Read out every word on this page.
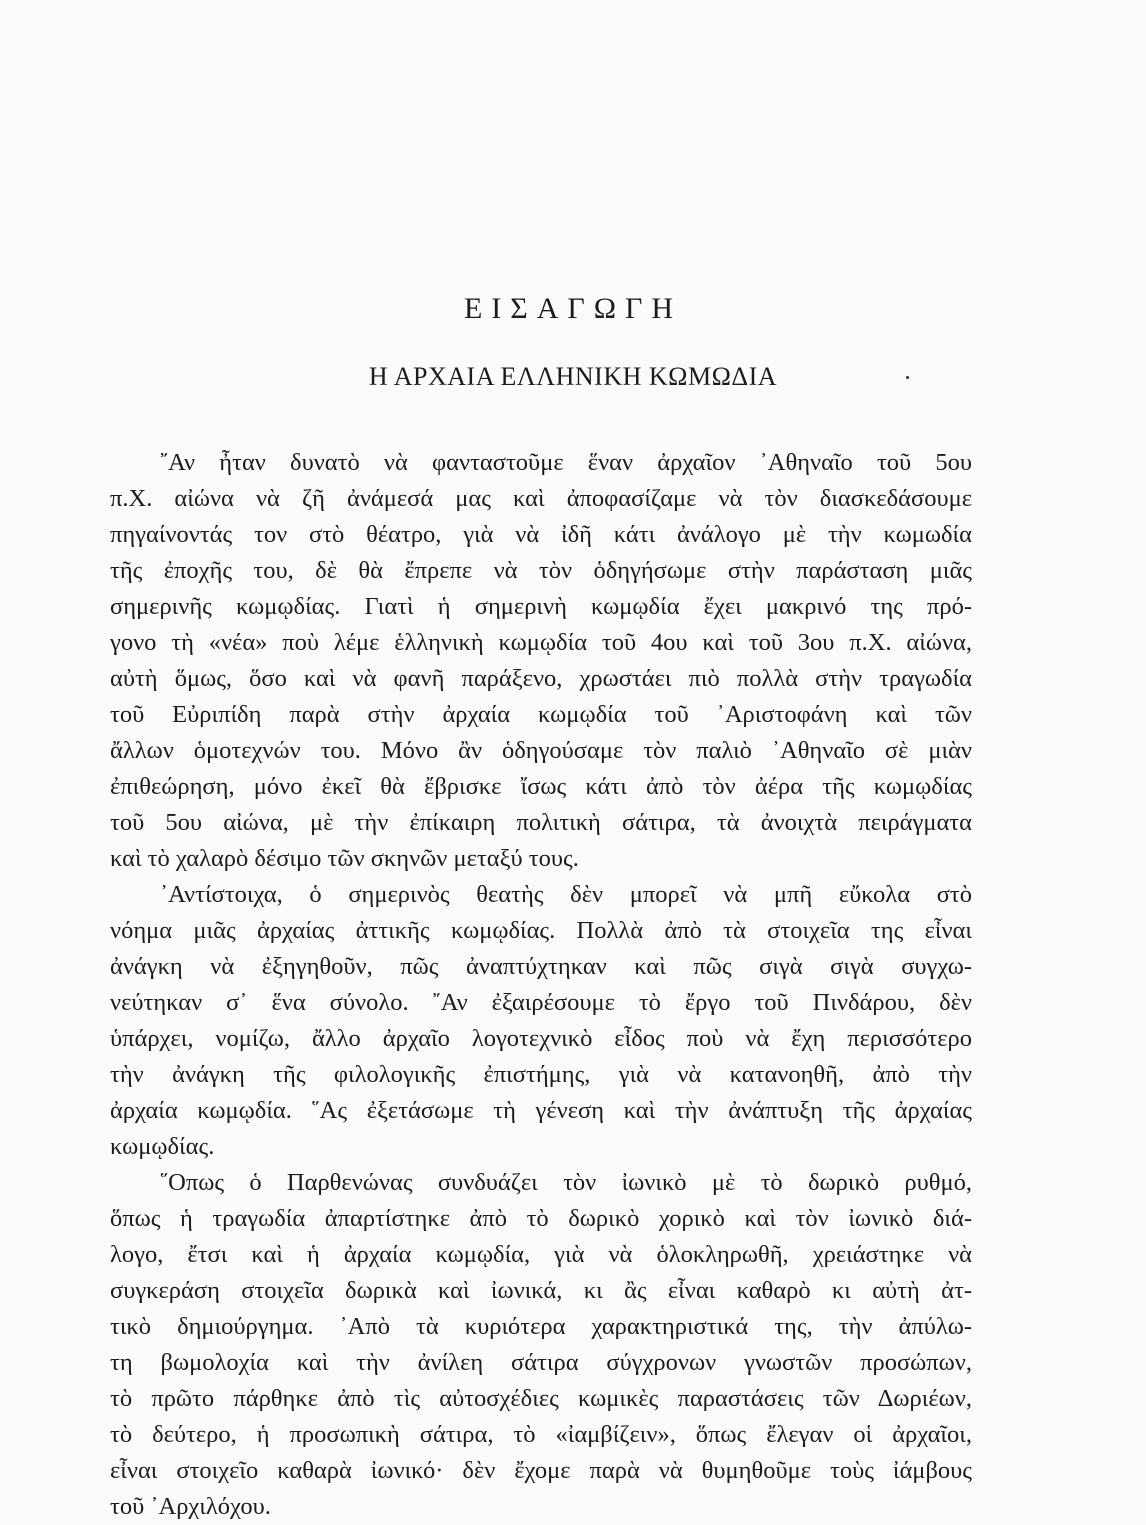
ΕΙΣΑΓΩΓΗ
Η ΑΡΧΑΙΑ ΕΛΛΗΝΙΚΗ ΚΩΜΩΔΙΑ
῎Αν ἦταν δυνατὸ νὰ φανταστοῦμε ἕναν ἀρχαῖον ᾿Αθηναῖο τοῦ 5ου
π.Χ. αἰώνα νὰ ζῆ ἀνάμεσά μας καὶ ἀποφασίζαμε νὰ τὸν διασκεδάσουμε
πηγαίνοντάς τον στὸ θέατρο, γιὰ νὰ ἰδῆ κάτι ἀνάλογο μὲ τὴν κωμωδία
τῆς ἐποχῆς του, δὲ θὰ ἔπρεπε νὰ τὸν ὁδηγήσωμε στὴν παράσταση μιᾶς
σημερινῆς κωμῳδίας. Γιατὶ ἡ σημερινὴ κωμῳδία ἔχει μακρινό της πρό-
γονο τὴ «νέα» ποὺ λέμε ἑλληνικὴ κωμῳδία τοῦ 4ου καὶ τοῦ 3ου π.Χ. αἰώνα,
αὐτὴ ὅμως, ὅσο καὶ νὰ φανῆ παράξενο, χρωστάει πιὸ πολλὰ στὴν τραγωδία
τοῦ Εὐριπίδη παρὰ στὴν ἀρχαία κωμῳδία τοῦ ᾿Αριστοφάνη καὶ τῶν
ἄλλων ὁμοτεχνών του. Μόνο ἂν ὁδηγούσαμε τὸν παλιὸ ᾿Αθηναῖο σὲ μιὰν
ἐπιθεώρηση, μόνο ἐκεῖ θὰ ἔβρισκε ἴσως κάτι ἀπὸ τὸν ἀέρα τῆς κωμῳδίας
τοῦ 5ου αἰώνα, μὲ τὴν ἐπίκαιρη πολιτικὴ σάτιρα, τὰ ἀνοιχτὰ πειράγματα
καὶ τὸ χαλαρὸ δέσιμο τῶν σκηνῶν μεταξύ τους.
᾿Αντίστοιχα, ὁ σημερινὸς θεατὴς δὲν μπορεῖ νὰ μπῆ εὔκολα στὸ
νόημα μιᾶς ἀρχαίας ἀττικῆς κωμῳδίας. Πολλὰ ἀπὸ τὰ στοιχεῖα της εἶναι
ἀνάγκη νὰ ἐξηγηθοῦν, πῶς ἀναπτύχτηκαν καὶ πῶς σιγὰ σιγὰ συγχω-
νεύτηκαν σ᾿ ἕνα σύνολο. ῎Αν ἐξαιρέσουμε τὸ ἔργο τοῦ Πινδάρου, δὲν
ὑπάρχει, νομίζω, ἄλλο ἀρχαῖο λογοτεχνικὸ εἶδος ποὺ νὰ ἔχη περισσότερο
τὴν ἀνάγκη τῆς φιλολογικῆς ἐπιστήμης, γιὰ νὰ κατανοηθῆ, ἀπὸ τὴν
ἀρχαία κωμῳδία. ῞Ας ἐξετάσωμε τὴ γένεση καὶ τὴν ἀνάπτυξη τῆς ἀρχαίας
κωμῳδίας.
῞Οπως ὁ Παρθενώνας συνδυάζει τὸν ἰωνικὸ μὲ τὸ δωρικὸ ρυθμό,
ὅπως ἡ τραγωδία ἀπαρτίστηκε ἀπὸ τὸ δωρικὸ χορικὸ καὶ τὸν ἰωνικὸ διά-
λογο, ἔτσι καὶ ἡ ἀρχαία κωμῳδία, γιὰ νὰ ὁλοκληρωθῆ, χρειάστηκε νὰ
συγκεράση στοιχεῖα δωρικὰ καὶ ἰωνικά, κι ἂς εἶναι καθαρὸ κι αὐτὴ ἀτ-
τικὸ δημιούργημα. ᾿Απὸ τὰ κυριότερα χαρακτηριστικά της, τὴν ἀπύλω-
τη βωμολοχία καὶ τὴν ἀνίλεη σάτιρα σύγχρονων γνωστῶν προσώπων,
τὸ πρῶτο πάρθηκε ἀπὸ τὶς αὐτοσχέδιες κωμικὲς παραστάσεις τῶν Δωριέων,
τὸ δεύτερο, ἡ προσωπικὴ σάτιρα, τὸ «ἰαμβίζειν», ὅπως ἔλεγαν οἱ ἀρχαῖοι,
εἶναι στοιχεῖο καθαρὰ ἰωνικό· δὲν ἔχομε παρὰ νὰ θυμηθοῦμε τοὺς ἰάμβους
τοῦ ᾿Αρχιλόχου.
